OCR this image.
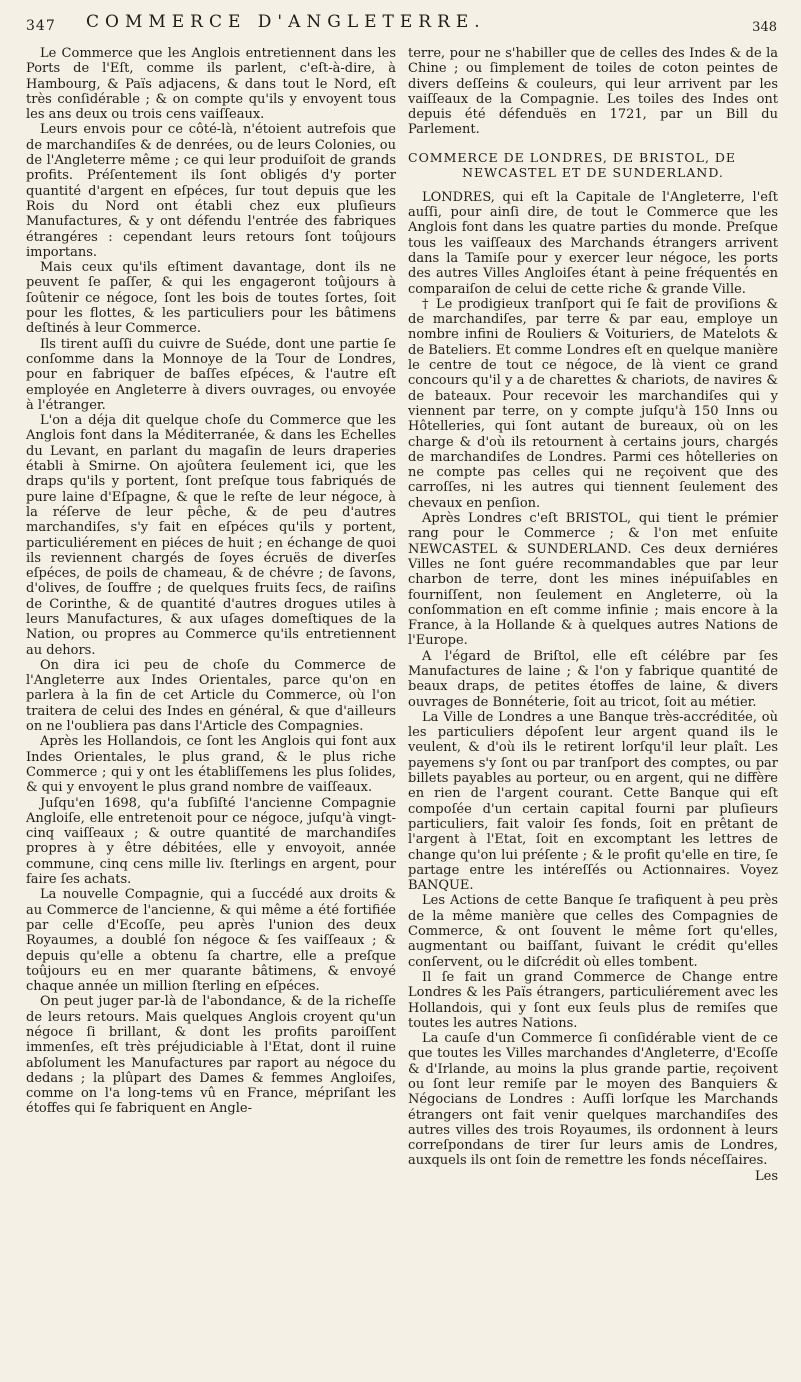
347 COMMERCE D'ANGLETERRE.	348

Le Commerce que les Anglois entretiennent dans les Ports de l'Eſt, comme ils parlent, c'eſt-à-dire, à Hambourg, & Païs adjacens, & dans tout le Nord, eſt très conſidérable ; & on compte qu'ils y envoyent tous les ans deux ou trois cens vaiſſeaux.

Leurs envois pour ce côté-là, n'étoient autrefois que de marchandiſes & de denrées, ou de leurs Colonies, ou de l'Angleterre même ; ce qui leur produiſoit de grands profits. Préſentement ils ſont obligés d'y porter quantité d'argent en eſpéces, ſur tout depuis que les Rois du Nord ont établi chez eux pluſieurs Manufactures, & y ont défendu l'entrée des fabriques étrangéres : cependant leurs retours ſont toûjours importans.

Mais ceux qu'ils eſtiment davantage, dont ils ne peuvent ſe paſſer, & qui les engageront toûjours à ſoûtenir ce négoce, ſont les bois de toutes ſortes, ſoit pour les flottes, & les particuliers pour les bâtimens deſtinés à leur Commerce.

Ils tirent auſſi du cuivre de Suéde, dont une partie ſe conſomme dans la Monnoye de la Tour de Londres, pour en fabriquer de baſſes eſpéces, & l'autre eſt employée en Angleterre à divers ouvrages, ou envoyée à l'étranger.

L'on a déja dit quelque choſe du Commerce que les Anglois font dans la Méditerranée, & dans les Echelles du Levant, en parlant du magaſin de leurs draperies établi à Smirne. On ajoûtera ſeulement ici, que les draps qu'ils y portent, ſont preſque tous fabriqués de pure laine d'Eſpagne, & que le reſte de leur négoce, à la réſerve de leur pêche, & de peu d'autres marchandiſes, s'y fait en eſpéces qu'ils y portent, particuliérement en piéces de huit ; en échange de quoi ils reviennent chargés de ſoyes écruës de diverſes eſpéces, de poils de chameau, & de chévre ; de ſavons, d'olives, de ſouffre ; de quelques fruits ſecs, de raiſins de Corinthe, & de quantité d'autres drogues utiles à leurs Manufactures, & aux uſages domeſtiques de la Nation, ou propres au Commerce qu'ils entretiennent au dehors.

On dira ici peu de choſe du Commerce de l'Angleterre aux Indes Orientales, parce qu'on en parlera à la fin de cet Article du Commerce, où l'on traitera de celui des Indes en général, & que d'ailleurs on ne l'oubliera pas dans l'Article des Compagnies.

Après les Hollandois, ce ſont les Anglois qui font aux Indes Orientales, le plus grand, & le plus riche Commerce ; qui y ont les établiſſemens les plus ſolides, & qui y envoyent le plus grand nombre de vaiſſeaux.

Juſqu'en 1698, qu'a ſubſiſté l'ancienne Compagnie Angloiſe, elle entretenoit pour ce négoce, juſqu'à vingt-cinq vaiſſeaux ; & outre quantité de marchandiſes propres à y être débitées, elle y envoyoit, année commune, cinq cens mille liv. ſterlings en argent, pour faire ſes achats.

La nouvelle Compagnie, qui a ſuccédé aux droits & au Commerce de l'ancienne, & qui même a été fortifiée par celle d'Ecoſſe, peu après l'union des deux Royaumes, a doublé ſon négoce & ſes vaiſſeaux ; & depuis qu'elle a obtenu ſa chartre, elle a preſque toûjours eu en mer quarante bâtimens, & envoyé chaque année un million ſterling en eſpéces.

On peut juger par-là de l'abondance, & de la richeſſe de leurs retours. Mais quelques Anglois croyent qu'un négoce ſi brillant, & dont les profits paroiſſent immenſes, eſt très préjudiciable à l'Etat, dont il ruine abſolument les Manufactures par raport au négoce du dedans ; la plûpart des Dames & femmes Angloiſes, comme on l'a long-tems vû en France, mépriſant les étoffes qui ſe fabriquent en Angle-

terre, pour ne s'habiller que de celles des Indes & de la Chine ; ou ſimplement de toiles de coton peintes de divers deſſeins & couleurs, qui leur arrivent par les vaiſſeaux de la Compagnie. Les toiles des Indes ont depuis été défenduës en 1721, par un Bill du Parlement.

COMMERCE DE LONDRES, DE BRISTOL, DE
NEWCASTEL ET DE SUNDERLAND.

LONDRES, qui eſt la Capitale de l'Angleterre, l'eſt auſſi, pour ainſi dire, de tout le Commerce que les Anglois font dans les quatre parties du monde. Preſque tous les vaiſſeaux des Marchands étrangers arrivent dans la Tamiſe pour y exercer leur négoce, les ports des autres Villes Angloiſes étant à peine fréquentés en comparaiſon de celui de cette riche & grande Ville.

† Le prodigieux tranſport qui ſe fait de proviſions & de marchandiſes, par terre & par eau, employe un nombre infini de Rouliers & Voituriers, de Matelots & de Bateliers. Et comme Londres eſt en quelque manière le centre de tout ce négoce, de là vient ce grand concours qu'il y a de charettes & chariots, de navires & de bateaux. Pour recevoir les marchandiſes qui y viennent par terre, on y compte juſqu'à 150 Inns ou Hôtelleries, qui ſont autant de bureaux, où on les charge & d'où ils retournent à certains jours, chargés de marchandiſes de Londres. Parmi ces hôtelleries on ne compte pas celles qui ne reçoivent que des carroſſes, ni les autres qui tiennent ſeulement des chevaux en penſion.

Après Londres c'eſt BRISTOL, qui tient le prémier rang pour le Commerce ; & l'on met enſuite NEWCASTEL & SUNDERLAND. Ces deux derniéres Villes ne ſont guére recommandables que par leur charbon de terre, dont les mines inépuiſables en fourniſſent, non ſeulement en Angleterre, où la conſommation en eſt comme infinie ; mais encore à la France, à la Hollande & à quelques autres Nations de l'Europe.

A l'égard de Briſtol, elle eſt célébre par ſes Manufactures de laine ; & l'on y fabrique quantité de beaux draps, de petites étoffes de laine, & divers ouvrages de Bonnéterie, ſoit au tricot, ſoit au métier.

La Ville de Londres a une Banque très-accréditée, où les particuliers dépoſent leur argent quand ils le veulent, & d'où ils le retirent lorſqu'il leur plaît. Les payemens s'y ſont ou par tranſport des comptes, ou par billets payables au porteur, ou en argent, qui ne diffère en rien de l'argent courant. Cette Banque qui eſt compoſée d'un certain capital fourni par pluſieurs particuliers, fait valoir ſes fonds, ſoit en prêtant de l'argent à l'Etat, ſoit en excomptant les lettres de change qu'on lui préſente ; & le profit qu'elle en tire, ſe partage entre les intéreſſés ou Actionnaires. Voyez BANQUE.

Les Actions de cette Banque ſe trafiquent à peu près de la même manière que celles des Compagnies de Commerce, & ont ſouvent le même ſort qu'elles, augmentant ou baiſſant, ſuivant le crédit qu'elles conſervent, ou le diſcrédit où elles tombent.

Il ſe fait un grand Commerce de Change entre Londres & les Païs étrangers, particuliérement avec les Hollandois, qui y ſont eux ſeuls plus de remiſes que toutes les autres Nations.

La cauſe d'un Commerce ſi conſidérable vient de ce que toutes les Villes marchandes d'Angleterre, d'Ecoſſe & d'Irlande, au moins la plus grande partie, reçoivent ou ſont leur remiſe par le moyen des Banquiers & Négocians de Londres : Auſſi lorſque les Marchands étrangers ont fait venir quelques marchandiſes des autres villes des trois Royaumes, ils ordonnent à leurs correſpondans de tirer ſur leurs amis de Londres, auxquels ils ont ſoin de remettre les fonds néceſſaires.

Les
